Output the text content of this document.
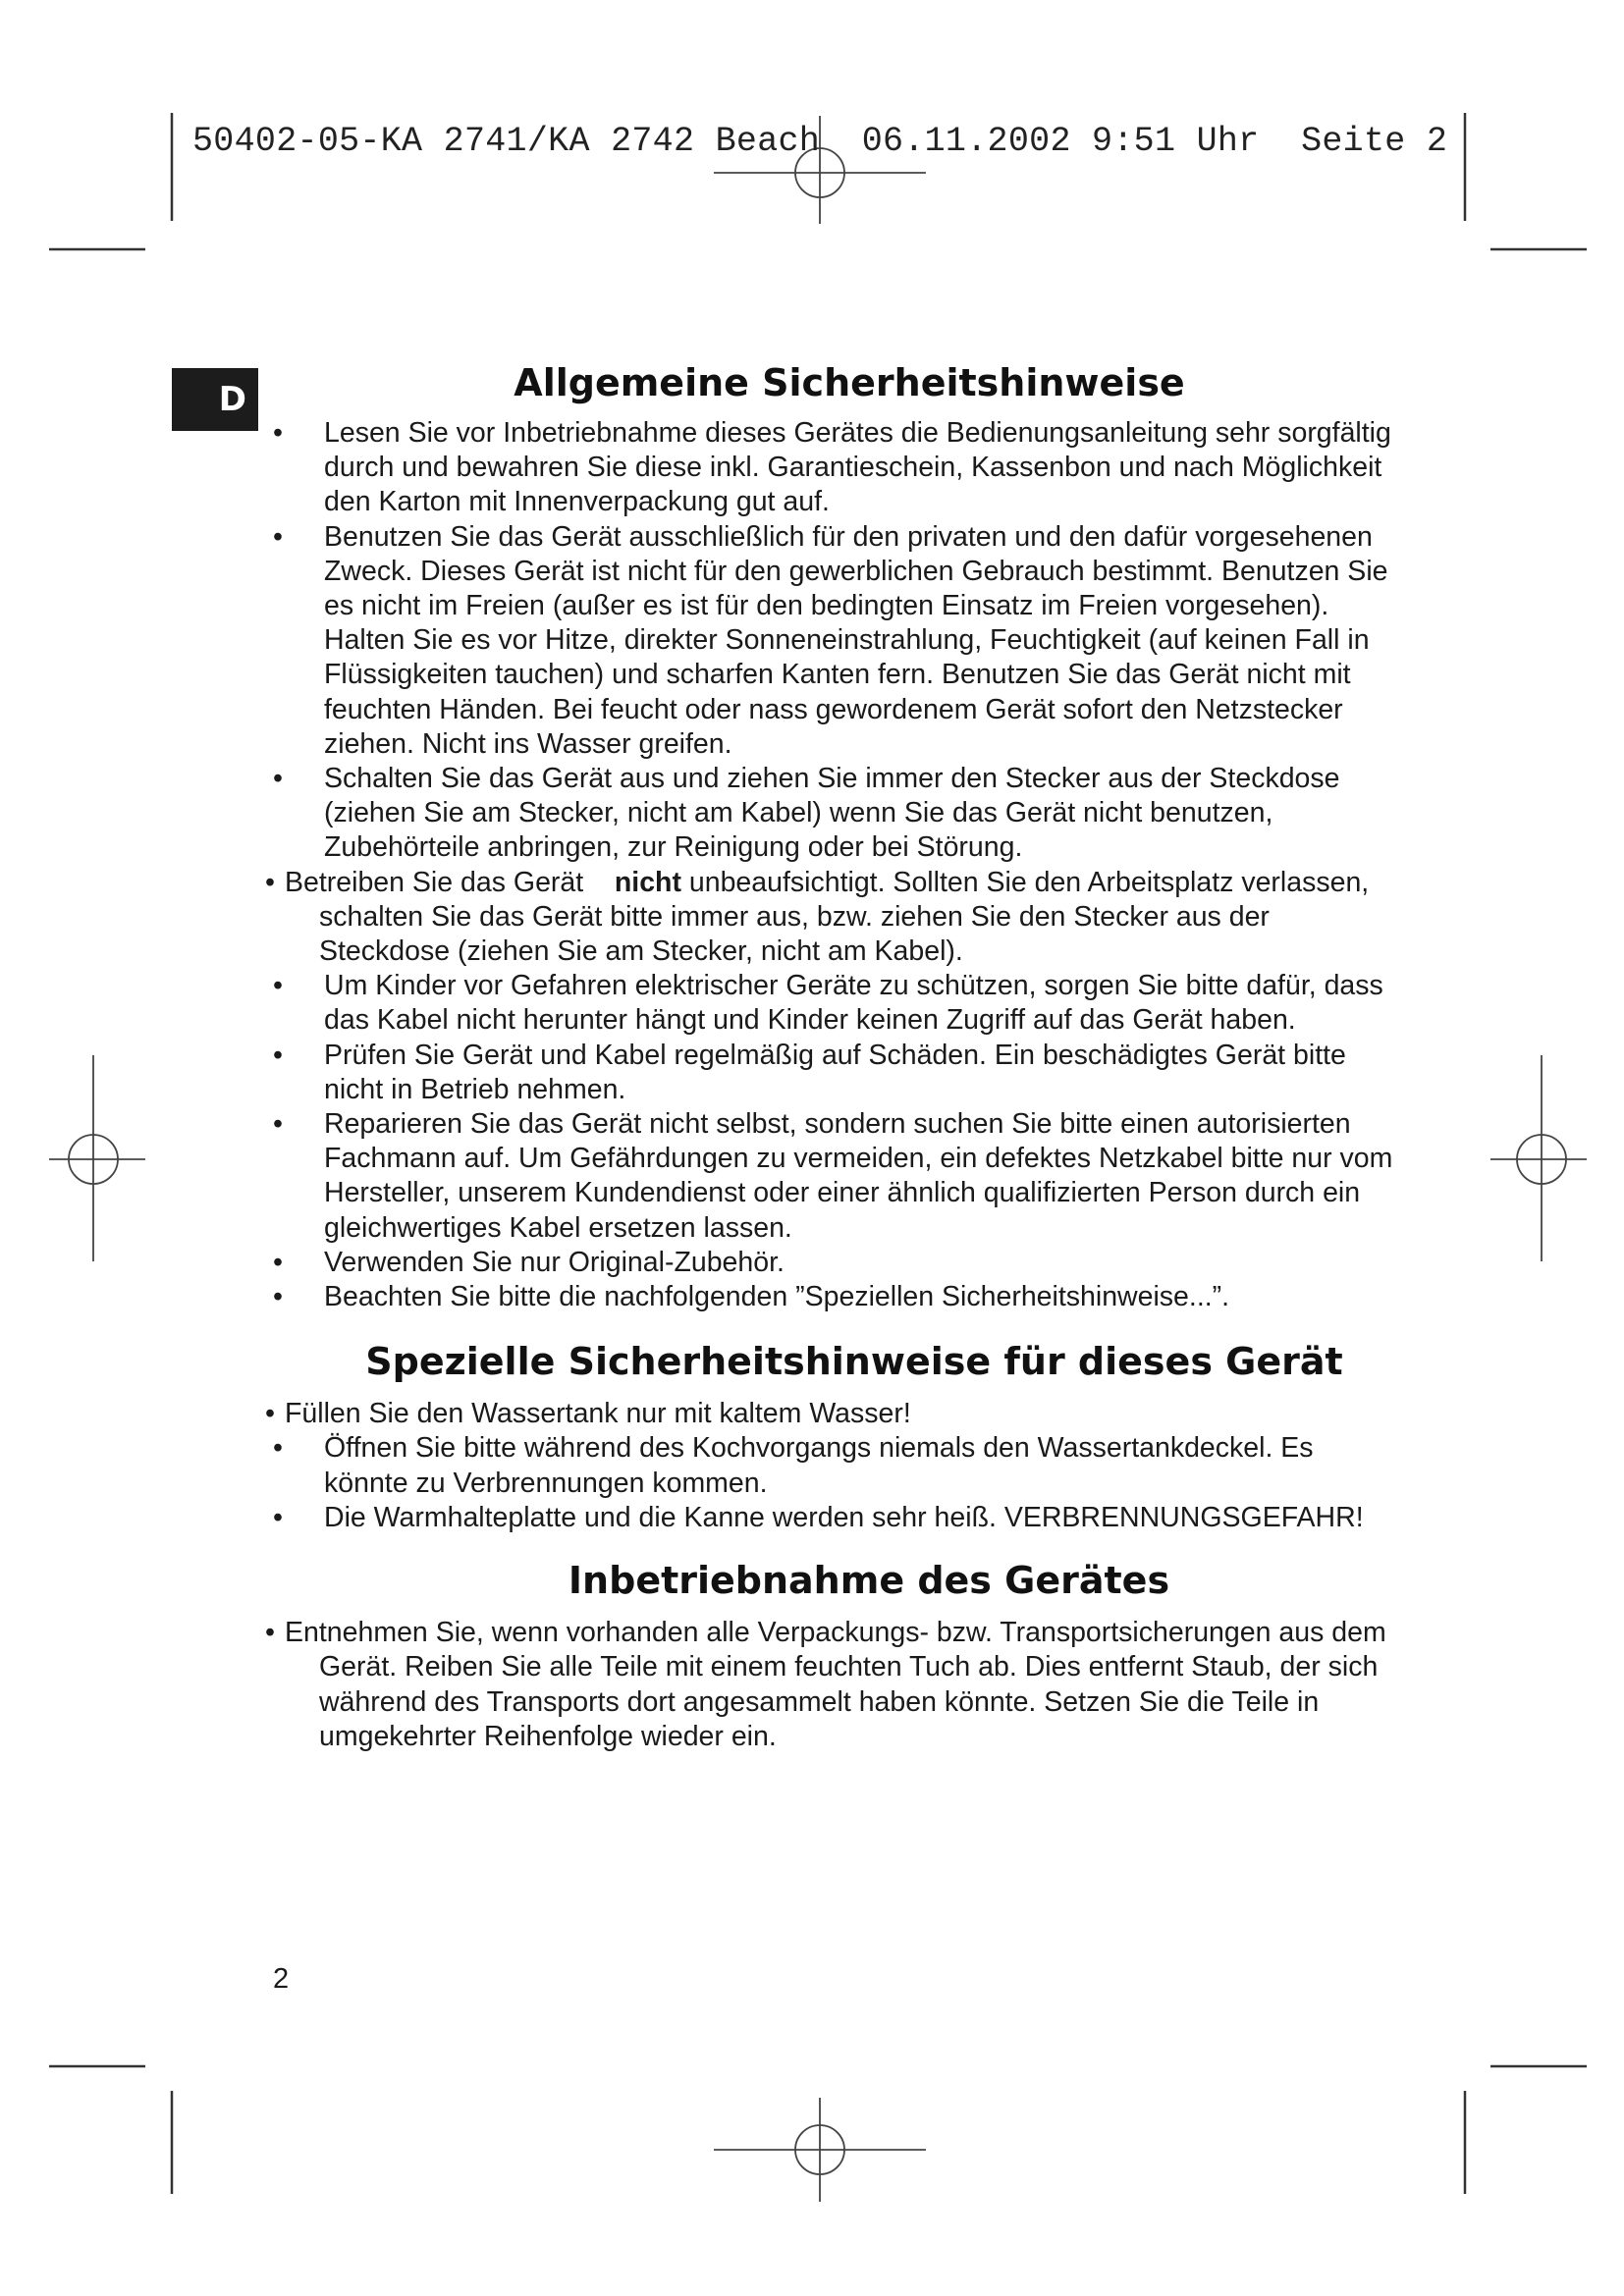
50402-05-KA 2741/KA 2742 Beach  06.11.2002 9:51 Uhr  Seite 2
D	Allgemeine Sicherheitshinweise
• Lesen Sie vor Inbetriebnahme dieses Gerätes die Bedienungsanleitung sehr sorgfältig durch und bewahren Sie diese inkl. Garantieschein, Kassenbon und nach Möglichkeit den Karton mit Innenverpackung gut auf.
• Benutzen Sie das Gerät ausschließlich für den privaten und den dafür vorgesehenen Zweck. Dieses Gerät ist nicht für den gewerblichen Gebrauch bestimmt. Benutzen Sie es nicht im Freien (außer es ist für den bedingten Einsatz im Freien vorgesehen). Halten Sie es vor Hitze, direkter Sonneneinstrahlung, Feuchtigkeit (auf keinen Fall in Flüssigkeiten tauchen) und scharfen Kanten fern. Benutzen Sie das Gerät nicht mit feuchten Händen. Bei feucht oder nass gewordenem Gerät sofort den Netzstecker ziehen. Nicht ins Wasser greifen.
• Schalten Sie das Gerät aus und ziehen Sie immer den Stecker aus der Steckdose (ziehen Sie am Stecker, nicht am Kabel) wenn Sie das Gerät nicht benutzen, Zubehörteile anbringen, zur Reinigung oder bei Störung.
• Betreiben Sie das Gerät nicht unbeaufsichtigt. Sollten Sie den Arbeitsplatz verlassen, schalten Sie das Gerät bitte immer aus, bzw. ziehen Sie den Stecker aus der Steckdose (ziehen Sie am Stecker, nicht am Kabel).
• Um Kinder vor Gefahren elektrischer Geräte zu schützen, sorgen Sie bitte dafür, dass das Kabel nicht herunter hängt und Kinder keinen Zugriff auf das Gerät haben.
• Prüfen Sie Gerät und Kabel regelmäßig auf Schäden. Ein beschädigtes Gerät bitte nicht in Betrieb nehmen.
• Reparieren Sie das Gerät nicht selbst, sondern suchen Sie bitte einen autorisierten Fachmann auf. Um Gefährdungen zu vermeiden, ein defektes Netzkabel bitte nur vom Hersteller, unserem Kundendienst oder einer ähnlich qualifizierten Person durch ein gleichwertiges Kabel ersetzen lassen.
• Verwenden Sie nur Original-Zubehör.
• Beachten Sie bitte die nachfolgenden ”Speziellen Sicherheitshinweise...”.
Spezielle Sicherheitshinweise für dieses Gerät
• Füllen Sie den Wassertank nur mit kaltem Wasser!
• Öffnen Sie bitte während des Kochvorgangs niemals den Wassertankdeckel. Es könnte zu Verbrennungen kommen.
• Die Warmhalteplatte und die Kanne werden sehr heiß. VERBRENNUNGSGEFAHR!
Inbetriebnahme des Gerätes
• Entnehmen Sie, wenn vorhanden alle Verpackungs- bzw. Transportsicherungen aus dem Gerät. Reiben Sie alle Teile mit einem feuchten Tuch ab. Dies entfernt Staub, der sich während des Transports dort angesammelt haben könnte. Setzen Sie die Teile in umgekehrter Reihenfolge wieder ein.
2
